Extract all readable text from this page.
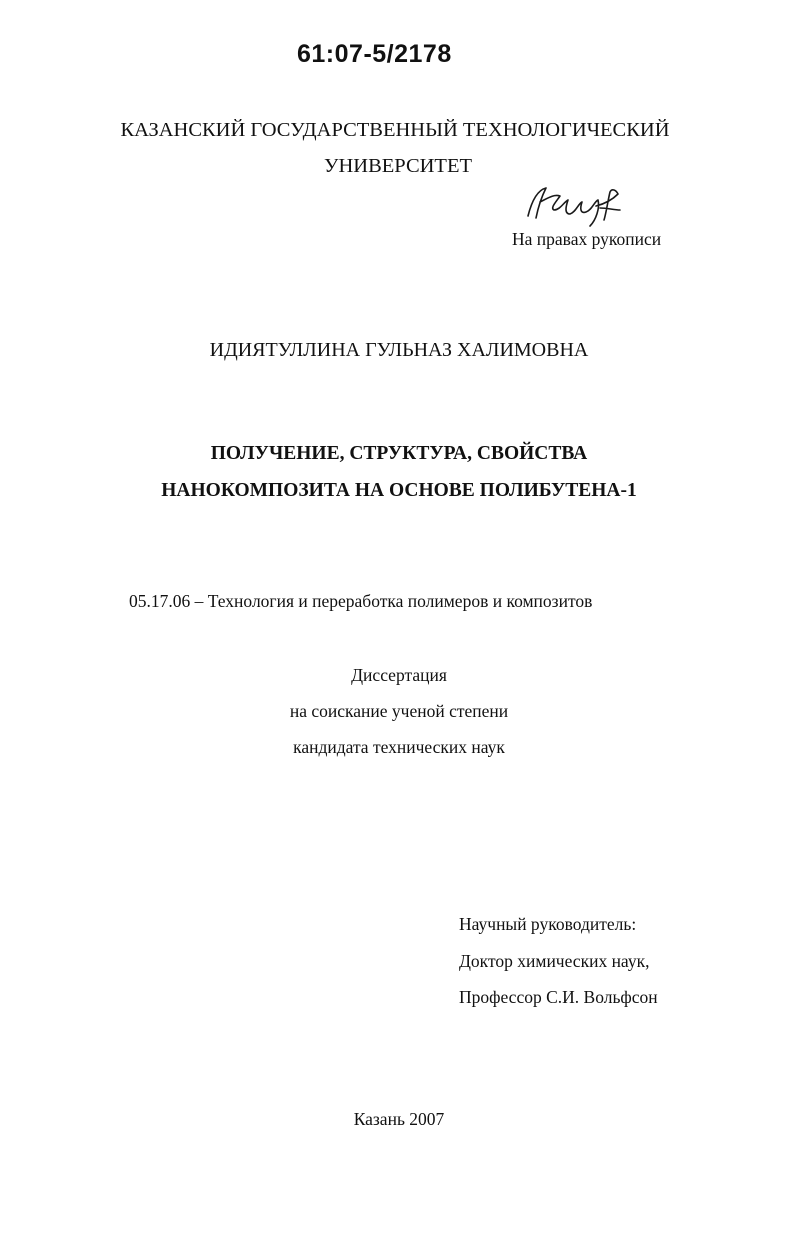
61:07-5/2178
КАЗАНСКИЙ ГОСУДАРСТВЕННЫЙ ТЕХНОЛОГИЧЕСКИЙ
УНИВЕРСИТЕТ
На правах рукописи
ИДИЯТУЛЛИНА ГУЛЬНАЗ ХАЛИМОВНА
ПОЛУЧЕНИЕ, СТРУКТУРА, СВОЙСТВА
НАНОКОМПОЗИТА НА ОСНОВЕ ПОЛИБУТЕНА-1
05.17.06 – Технология и переработка полимеров и композитов
Диссертация
на соискание ученой степени
кандидата технических наук
Научный руководитель:
Доктор химических наук,
Профессор С.И. Вольфсон
Казань 2007
